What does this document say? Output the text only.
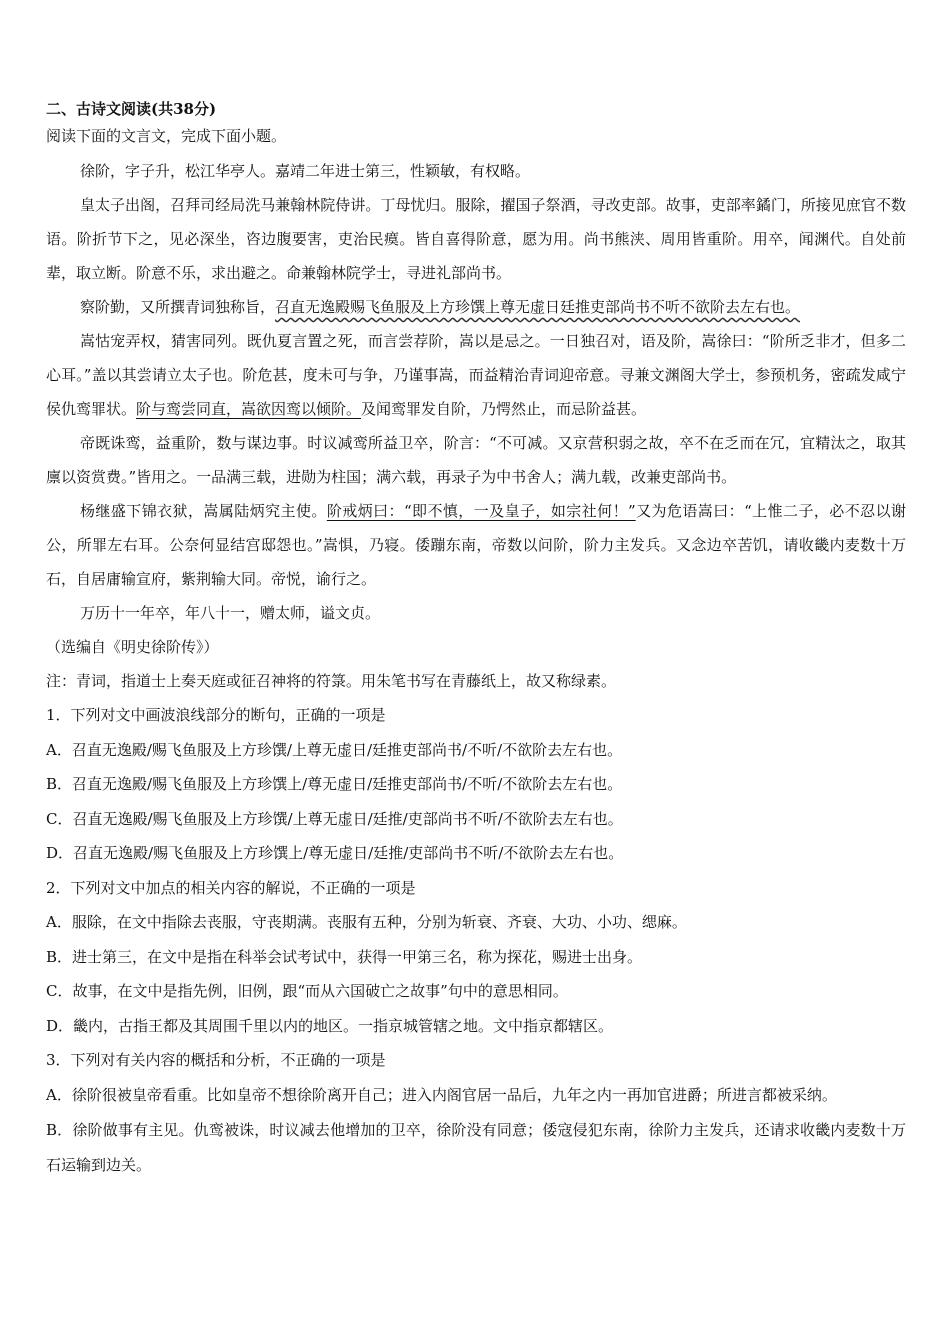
二、古诗文阅读(共38分)

阅读下面的文言文，完成下面小题。

徐阶，字子升，松江华亭人。嘉靖二年进士第三，性颖敏，有权略。

皇太子出阁，召拜司经局洗马兼翰林院侍讲。丁母忧归。服除，擢国子祭酒，寻改吏部。故事，吏部率鐍门，所接见庶官不数语。阶折节下之，见必深坐，咨边腹要害，吏治民瘼。皆自喜得阶意，愿为用。尚书熊浃、周用皆重阶。用卒，闻渊代。自处前辈，取立断。阶意不乐，求出避之。命兼翰林院学士，寻进礼部尚书。

察阶勤，又所撰青词独称旨，召直无逸殿赐飞鱼服及上方珍馔上尊无虚日廷推吏部尚书不听不欲阶去左右也。

嵩怙宠弄权，猜害同列。既仇夏言置之死，而言尝荐阶，嵩以是忌之。一日独召对，语及阶，嵩徐曰：“阶所乏非才，但多二心耳。”盖以其尝请立太子也。阶危甚，度未可与争，乃谨事嵩，而益精治青词迎帝意。寻兼文渊阁大学士，参预机务，密疏发咸宁侯仇鸾罪状。阶与鸾尝同直，嵩欲因鸾以倾阶。及闻鸾罪发自阶，乃愕然止，而忌阶益甚。

帝既诛鸾，益重阶，数与谋边事。时议减鸾所益卫卒，阶言：“不可减。又京营积弱之故，卒不在乏而在冗，宜精汰之，取其廪以资赏费。”皆用之。一品满三载，进勋为柱国；满六载，再录子为中书舍人；满九载，改兼吏部尚书。

杨继盛下锦衣狱，嵩属陆炳究主使。阶戒炳曰：“即不慎，一及皇子，如宗社何！”又为危语嵩曰：“上惟二子，必不忍以谢公，所罪左右耳。公奈何显结宫邸怨也。”嵩惧，乃寝。倭蹦东南，帝数以问阶，阶力主发兵。又念边卒苦饥，请收畿内麦数十万石，自居庸输宣府，紫荆输大同。帝悦，谕行之。

万历十一年卒，年八十一，赠太师，谥文贞。

（选编自《明史徐阶传》）

注：青词，指道士上奏天庭或征召神将的符箓。用朱笔书写在青藤纸上，故又称绿素。

1．下列对文中画波浪线部分的断句，正确的一项是

A．召直无逸殿/赐飞鱼服及上方珍馔/上尊无虚日/廷推吏部尚书/不听/不欲阶去左右也。

B．召直无逸殿/赐飞鱼服及上方珍馔上/尊无虚日/廷推吏部尚书/不听/不欲阶去左右也。

C．召直无逸殿/赐飞鱼服及上方珍馔/上尊无虚日/廷推/吏部尚书不听/不欲阶去左右也。

D．召直无逸殿/赐飞鱼服及上方珍馔上/尊无虚日/廷推/吏部尚书不听/不欲阶去左右也。

2．下列对文中加点的相关内容的解说，不正确的一项是

A．服除，在文中指除去丧服，守丧期满。丧服有五种，分别为斩衰、齐衰、大功、小功、缌麻。

B．进士第三，在文中是指在科举会试考试中，获得一甲第三名，称为探花，赐进士出身。

C．故事，在文中是指先例，旧例，跟“而从六国破亡之故事”句中的意思相同。

D．畿内，古指王都及其周围千里以内的地区。一指京城管辖之地。文中指京都辖区。

3．下列对有关内容的概括和分析，不正确的一项是

A．徐阶很被皇帝看重。比如皇帝不想徐阶离开自己；进入内阁官居一品后，九年之内一再加官进爵；所进言都被采纳。

B．徐阶做事有主见。仇鸾被诛，时议减去他增加的卫卒，徐阶没有同意；倭寇侵犯东南，徐阶力主发兵，还请求收畿内麦数十万石运输到边关。
